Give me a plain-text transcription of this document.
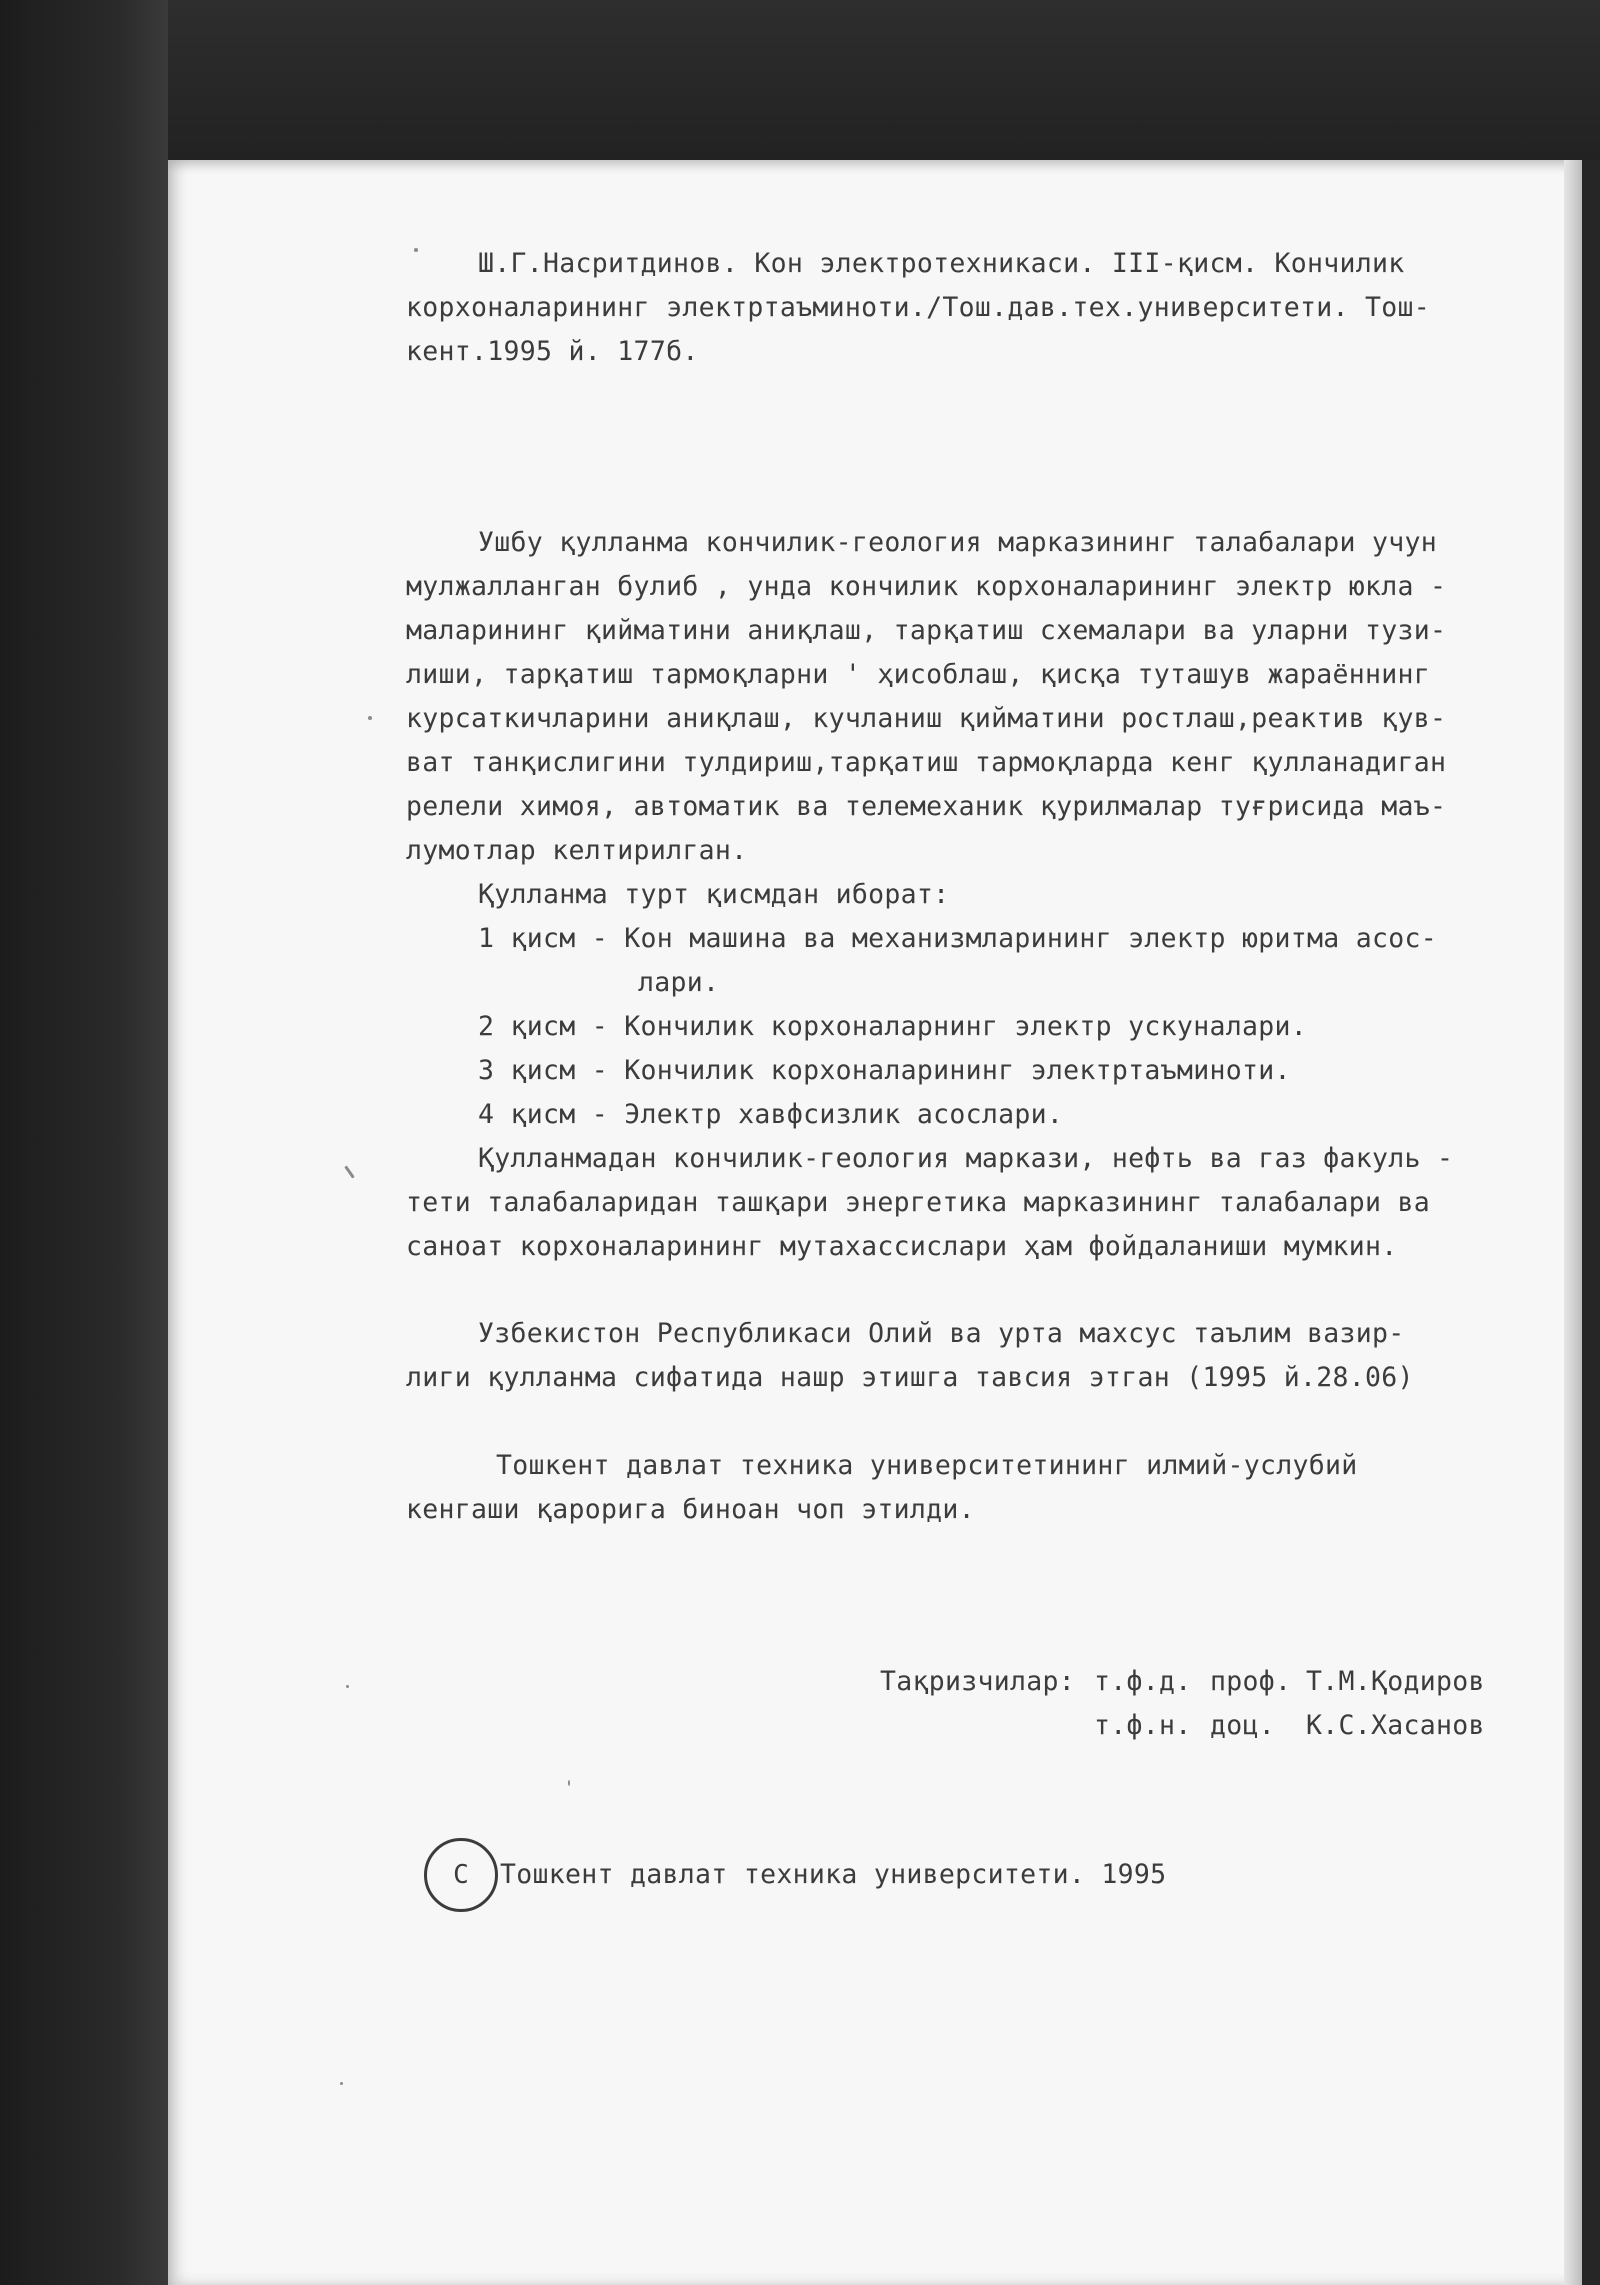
Ш.Г.Насритдинов. Кон электротехникаси. III-қисм. Кончилик
корхоналарининг электртаъминоти./Тош.дав.тех.университети. Тош-
кент.1995 й. 177б.
Ушбу қулланма кончилик-геология марказининг талабалари учун
мулжалланган булиб , унда кончилик корхоналарининг электр юкла -
маларининг қийматини аниқлаш, тарқатиш схемалари ва уларни тузи-
лиши, тарқатиш тармоқларни ' ҳисоблаш, қисқа туташув жараённинг
курсаткичларини аниқлаш, кучланиш қийматини ростлаш,реактив қув-
ват танқислигини тулдириш,тарқатиш тармоқларда кенг қулланадиган
релели химоя, автоматик ва телемеханик қурилмалар туғрисида маъ-
лумотлар келтирилган.
Қулланма турт қисмдан иборат:
1 қисм - Кон машина ва механизмларининг электр юритма асос-
лари.
2 қисм - Кончилик корхоналарнинг электр ускуналари.
3 қисм - Кончилик корхоналарининг электртаъминоти.
4 қисм - Электр хавфсизлик асослари.
Қулланмадан кончилик-геология маркази, нефть ва газ факуль -
тети талабаларидан ташқари энергетика марказининг талабалари ва
саноат корхоналарининг мутахассислари ҳам фойдаланиши мумкин.
Узбекистон Республикаси Олий ва урта махсус таълим вазир-
лиги қулланма сифатида нашр этишга тавсия этган (1995 й.28.06)
Тошкент давлат техника университетининг илмий-услубий
кенгаши қарорига биноан чоп этилди.
Тақризчилар: т.ф.д. проф. Т.М.Қодиров
т.ф.н. доц. К.С.Хасанов
C	Тошкент давлат техника университети. 1995
